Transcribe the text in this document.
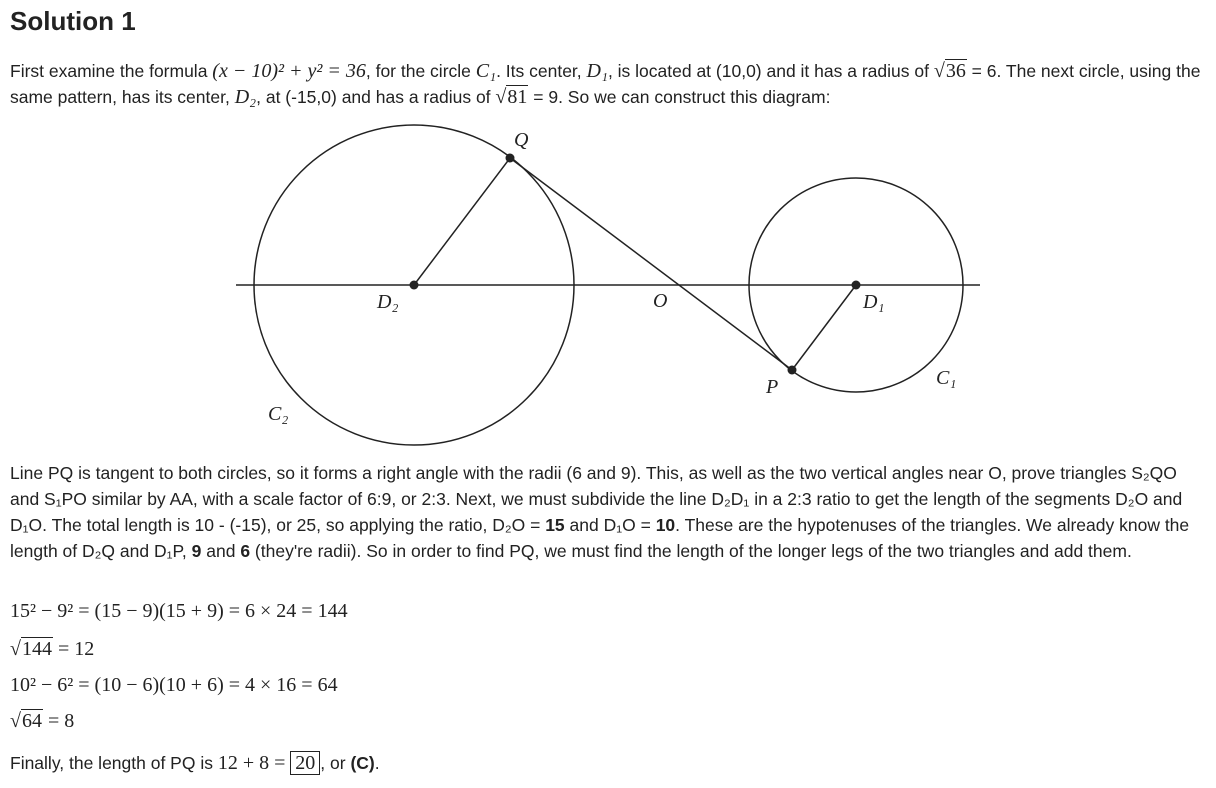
Solution 1

First examine the formula (x − 10)² + y² = 36, for the circle C₁. Its center, D₁, is located at (10,0) and it has a radius of √36 = 6. The next circle, using the same pattern, has its center, D₂, at (-15,0) and has a radius of √81 = 9. So we can construct this diagram:

Q
O
P
D₂	D₁
C₁
C₂

Line PQ is tangent to both circles, so it forms a right angle with the radii (6 and 9). This, as well as the two vertical angles near O, prove triangles S₂QO and S₁PO similar by AA, with a scale factor of 6:9, or 2:3. Next, we must subdivide the line D₂D₁ in a 2:3 ratio to get the length of the segments D₂O and D₁O. The total length is 10 - (-15), or 25, so applying the ratio, D₂O = 15 and D₁O = 10. These are the hypotenuses of the triangles. We already know the length of D₂Q and D₁P, 9 and 6 (they're radii). So in order to find PQ, we must find the length of the longer legs of the two triangles and add them.

15² − 9² = (15 − 9)(15 + 9) = 6 × 24 = 144

√144 = 12

10² − 6² = (10 − 6)(10 + 6) = 4 × 16 = 64

√64 = 8

Finally, the length of PQ is 12 + 8 = 20 , or (C).
